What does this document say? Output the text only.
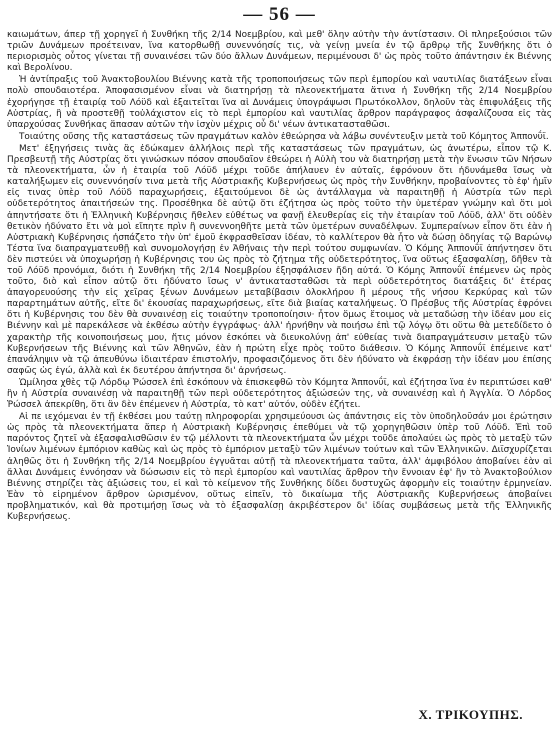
— 56 —

καιωμάτων, άπερ τῇ χορηγεῖ ἡ Συνθήκη τῆς 2/14 Νοεμβρίου, καὶ μεθ' ὅλην αὐτὴν τὴν ἀντίστασιν. Οἱ πληρεξούσιοι τῶν τριῶν Δυνάμεων προέτειναν, ἵνα κατορθωθῇ συνεννόησίς τις, νὰ γείνῃ μνεία ἐν τῷ ἄρθρῳ τῆς Συνθήκης ὅτι ὁ περιορισμὸς οὗτος γίνεται τῇ συναινέσει τῶν δύο ἄλλων Δυνάμεων, περιμένουσι δ' ὡς πρὸς τοῦτο ἀπάντησιν ἐκ Βιέννης καὶ Βερολίνου.

Ἡ ἀντίπραξις τοῦ Ἀνακτοβουλίου Βιέννης κατὰ τῆς τροποποιήσεως τῶν περὶ ἐμπορίου καὶ ναυτιλίας διατάξεων εἶναι πολὺ σπουδαιοτέρα. Ἀποφασισμένον εἶναι νὰ διατηρήσῃ τὰ πλεονεκτήματα ἅτινα ἡ Συνθήκη τῆς 2/14 Νοεμβρίου ἐχορήγησε τῇ ἑταιρίᾳ τοῦ Λόϋδ καὶ ἐξαιτεῖται ἵνα αἱ Δυνάμεις ὑπογράψωσι Πρωτόκολλον, δηλοῦν τὰς ἐπιφυλάξεις τῆς Αὐστρίας, ἢ νὰ προστεθῇ τοὐλάχιστον εἰς τὸ περὶ ἐμπορίου καὶ ναυτιλίας ἄρθρον παράγραφος ἀσφαλίζουσα εἰς τὰς ὑπαρχούσας Συνθήκας ἅπασαν αὐτῶν τὴν ἰσχὺν μέχρις οὗ δι' νέων ἀντικατασταθῶσι.

Τοιαύτης οὔσης τῆς καταστάσεως τῶν πραγμάτων καλὸν ἐθεώρησα νὰ λάβω συνέντευξιν μετὰ τοῦ Κόμητος Ἀππονΰϊ.

Μετ' ἐξηγήσεις τινὰς ἃς ἐδώκαμεν ἀλλήλοις περὶ τῆς καταστάσεως τῶν πραγμάτων, ὡς ἀνωτέρω, εἶπον τῷ Κ. Πρεσβευτῇ τῆς Αὐστρίας ὅτι γινώσκων πόσον σπουδαῖον ἐθεώρει ἡ Αὐλὴ του νὰ διατηρήσῃ μετὰ τὴν ἕνωσιν τῶν Νήσων τὰ πλεονεκτήματα, ὧν ἡ ἑταιρία τοῦ Λόϋδ μέχρι τοῦδε ἀπήλαυεν ἐν αὐταῖς, ἐφρόνουν ὅτι ἠδυνάμεθα ἴσως νὰ καταλήξωμεν εἰς συνεννόησίν τινα μετὰ τῆς Αὐστριακῆς Κυβερνήσεως ὡς πρὸς τὴν Συνθήκην, προβαίνοντες τὸ ἐφ' ἡμῖν εἰς τινας ὑπὲρ τοῦ Λόϋδ παραχωρήσεις, ἐξαιτούμενοι δὲ ὡς ἀντάλλαγμα νὰ παραιτηθῇ ἡ Αὐστρία τῶν περὶ οὐδετερότητος ἀπαιτήσεών της. Προσέθηκα δὲ αὐτῷ ὅτι ἐζήτησα ὡς πρὸς τοῦτο τὴν ὑμετέραν γνώμην καὶ ὅτι μοὶ ἀπηντήσατε ὅτι ἡ Ἑλληνικὴ Κυβέρνησις ἤθελεν εὐθέτως να φανῇ ἐλευθερίας εἰς τὴν ἑταιρίαν τοῦ Λόϋδ, ἀλλ' ὅτι οὐδὲν θετικὸν ἠδύνατο ἔτι νὰ μοὶ εἴπητε πρὶν ἢ συνεννοηθῆτε μετὰ τῶν ὑμετέρων συναδέλφων. Συμπεραίνων εἶπον ὅτι ἐὰν ἡ Αὐστριακὴ Κυβέρνησις ἠσπάζετο τὴν ὑπ' ἐμοῦ ἐκφρασθεῖσαν ἰδέαν, τὸ καλλίτερον θὰ ἦτο νὰ δώσῃ ὁδηγίας τῷ Βαρώνῳ Τέστα ἵνα διαπραγματευθῇ καὶ συνομολογήσῃ ἐν Ἀθήναις τὴν περὶ τούτου συμφωνίαν. Ὁ Κόμης Ἀππονΰϊ ἀπήντησεν ὅτι δὲν πιστεύει νὰ ὑποχωρήσῃ ἡ Κυβέρνησις του ὡς πρὸς τὸ ζήτημα τῆς οὐδετερότητος, ἵνα οὕτως ἐξασφαλίσῃ, δῆθεν τὰ τοῦ Λόϋδ προνόμια, διότι ἡ Συνθήκη τῆς 2/14 Νοεμβρίου ἐξησφάλισεν ἤδη αὐτά. Ὁ Κόμης Ἀππονΰϊ ἐπέμενεν ὡς πρὸς τοῦτο, διὸ καὶ εἶπον αὐτῷ ὅτι ἠδύνατο ἴσως ν' ἀντικατασταθῶσι τὰ περὶ οὐδετερότητος διατάξεις δι' ἑτέρας ἀπαγορευούσης τὴν εἰς χεῖρας ξένων Δυνάμεων μεταβίβασιν ὁλοκλήρου ἢ μέρους τῆς νήσου Κερκύρας καὶ τῶν παραρτημάτων αὐτῆς, εἴτε δι' ἐκουσίας παραχωρήσεως, εἴτε διὰ βιαίας καταλήψεως. Ὁ Πρέσβυς τῆς Αὐστρίας ἐφρόνει ὅτι ἡ Κυβέρνησις του δὲν θὰ συναινέσῃ εἰς τοιαύτην τροποποίησιν· ἦτον ὅμως ἕτοιμος νὰ μεταδώσῃ τὴν ἰδέαν μου εἰς Βιέννην καὶ μὲ παρεκάλεσε νὰ ἐκθέσω αὐτὴν ἐγγράφως· ἀλλ' ἠρνήθην νὰ ποιήσω ἐπὶ τῷ λόγῳ ὅτι οὕτω θὰ μετεδίδετο ὁ χαρακτὴρ τῆς κοινοποιήσεως μου, ἥτις μόνον ἐσκόπει νὰ διευκολύνῃ ἀπ' εὐθείας τινὰ διαπραγμάτευσιν μεταξὺ τῶν Κυβερνήσεων τῆς Βιέννης καὶ τῶν Ἀθηνῶν, ἐὰν ἡ πρώτη εἶχε πρὸς τοῦτο διάθεσιν. Ὁ Κόμης Ἀππονΰϊ ἐπέμεινε κατ' ἐπανάληψιν νὰ τῷ ἀπευθύνω ἰδιαιτέραν ἐπιστολήν, προφασιζόμενος ὅτι δὲν ἠδύνατο νὰ ἐκφράσῃ τὴν ἰδέαν μου ἐπίσης σαφῶς ὡς ἐγώ, ἀλλὰ καὶ ἐκ δευτέρου ἀπήντησα δι' ἀρνήσεως.

Ὡμίλησα χθὲς τῷ Λόρδῳ Ῥώσσελ ἐπὶ ἐσκόπουν νὰ ἐπισκεφθῶ τὸν Κόμητα Ἀππονΰϊ, καὶ ἐζήτησα ἵνα ἐν περιπτώσει καθ' ἣν ἡ Αὐστρία συναινέσῃ νὰ παραιτηθῇ τῶν περὶ οὐδετερότητος ἀξιώσεών της, νὰ συναινέσῃ καὶ ἡ Ἀγγλία. Ὁ Λόρδος Ῥώσσελ ἀπεκρίθη, ὅτι ἂν δὲν ἐπέμενεν ἡ Αὐστρία, τὸ κατ' αὐτόν, οὐδὲν ἐζήτει.

Αἱ πε ιεχόμεναι ἐν τῇ ἐκθέσει μου ταύτῃ πληροφορίαι χρησιμεύουσι ὡς ἀπάντησις εἰς τὸν ὑποδηλοῦσάν μοι ἐρώτησιν ὡς πρὸς τὰ πλεονεκτήματα ἅπερ ἡ Αὐστριακὴ Κυβέρνησις ἐπεθύμει νὰ τῷ χορηγηθῶσιν ὑπὲρ τοῦ Λόϋδ. Ἐπὶ τοῦ παρόντος ζητεῖ νὰ ἐξασφαλισθῶσιν ἐν τῷ μέλλοντι τὰ πλεονεκτήματα ὧν μέχρι τοῦδε ἀπολαύει ὡς πρὸς τὸ μεταξὺ τῶν Ἰονίων λιμένων ἐμπόριον καθὼς καὶ ὡς πρὸς τὸ ἐμπόριον μεταξὺ τῶν λιμένων τούτων καὶ τῶν Ἑλληνικῶν. Διϊσχυρίζεται ἀληθῶς ὅτι ἡ Συνθήκη τῆς 2/14 Νοεμβρίου ἐγγυᾶται αὐτῇ τὰ πλεονεκτήματα ταῦτα, ἀλλ' ἀμφιβόλου ἀποβαίνει ἐὰν αἱ ἄλλαι Δυνάμεις ἐννόησαν νὰ δώσωσιν εἰς τὸ περὶ ἐμπορίου καὶ ναυτιλίας ἄρθρον τὴν ἔννοιαν ἐφ' ἣν τὸ Ἀνακτοβούλιον Βιέννης στηρίζει τὰς ἀξιώσεις του, εἰ καὶ τὸ κείμενον τῆς Συνθήκης δίδει δυστυχῶς ἀφορμὴν εἰς τοιαύτην ἑρμηνείαν. Ἐὰν τὸ εἰρημένον ἄρθρον ὡρισμένον, οὕτως εἰπεῖν, τὸ δικαίωμα τῆς Αὐστριακῆς Κυβερνήσεως ἀποβαίνει προβληματικόν, καὶ θὰ προτιμήσῃ ἴσως νὰ τὸ ἐξασφαλίσῃ ἀκριβέστερον δι' ἰδίας συμβάσεως μετὰ τῆς Ἑλληνικῆς Κυβερνήσεως.

Χ. ΤΡΙΚΟΥΠΗΣ.
